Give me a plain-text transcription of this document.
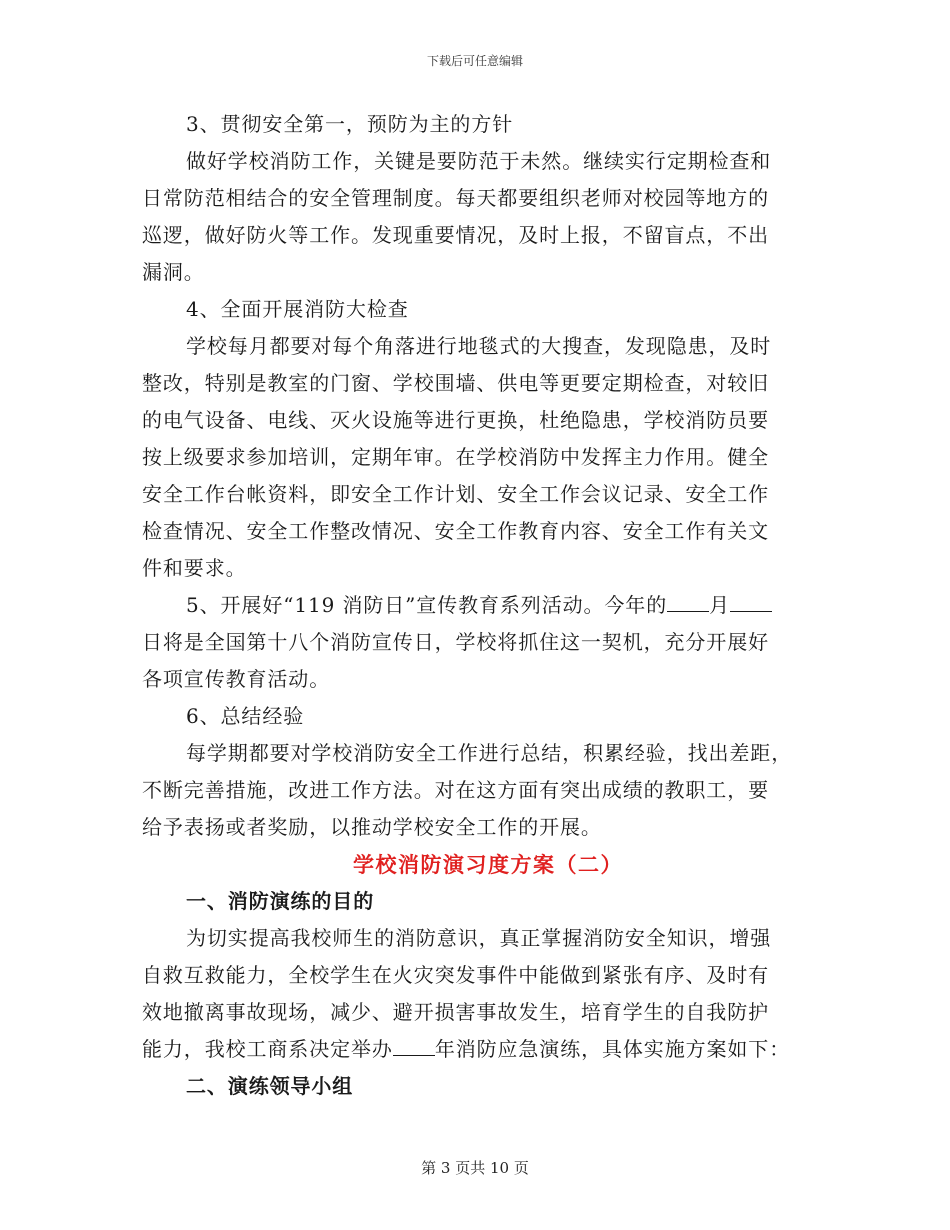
下载后可任意编辑
3、贯彻安全第一，预防为主的方针
做好学校消防工作，关键是要防范于未然。继续实行定期检查和
日常防范相结合的安全管理制度。每天都要组织老师对校园等地方的
巡逻，做好防火等工作。发现重要情况，及时上报，不留盲点，不出
漏洞。
4、全面开展消防大检查
学校每月都要对每个角落进行地毯式的大搜查，发现隐患，及时
整改，特别是教室的门窗、学校围墙、供电等更要定期检查，对较旧
的电气设备、电线、灭火设施等进行更换，杜绝隐患，学校消防员要
按上级要求参加培训，定期年审。在学校消防中发挥主力作用。健全
安全工作台帐资料，即安全工作计划、安全工作会议记录、安全工作
检查情况、安全工作整改情况、安全工作教育内容、安全工作有关文
件和要求。
5、开展好“119 消防日”宣传教育系列活动。今年的 月
日将是全国第十八个消防宣传日，学校将抓住这一契机，充分开展好
各项宣传教育活动。
6、总结经验
每学期都要对学校消防安全工作进行总结，积累经验，找出差距，
不断完善措施，改进工作方法。对在这方面有突出成绩的教职工，要
给予表扬或者奖励，以推动学校安全工作的开展。
学校消防演习度方案（二）
一、消防演练的目的
为切实提高我校师生的消防意识，真正掌握消防安全知识，增强
自救互救能力，全校学生在火灾突发事件中能做到紧张有序、及时有
效地撤离事故现场，减少、避开损害事故发生，培育学生的自我防护
能力，我校工商系决定举办 年消防应急演练，具体实施方案如下：
二、演练领导小组
第 3 页共 10 页
